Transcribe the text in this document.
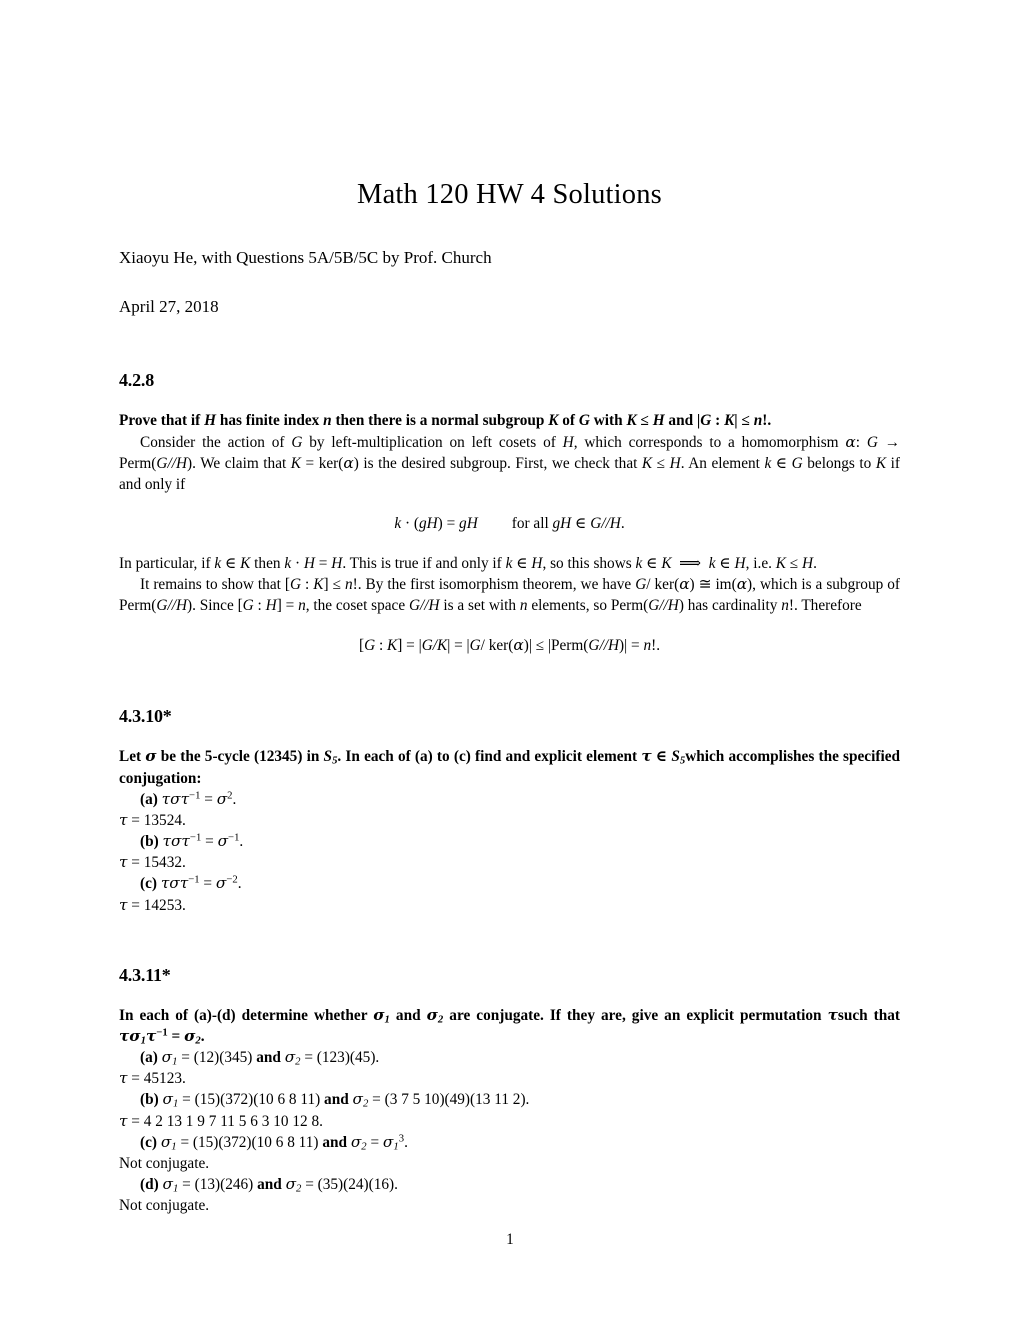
Math 120 HW 4 Solutions

Xiaoyu He, with Questions 5A/5B/5C by Prof. Church

April 27, 2018

4.2.8

Prove that if H has finite index n then there is a normal subgroup K of G with K ≤ H and |G : K| ≤ n!.

Consider the action of G by left-multiplication on left cosets of H, which corresponds to a homomorphism α: G → Perm(G//H). We claim that K = ker(α) is the desired subgroup. First, we check that K ≤ H. An element k ∈ G belongs to K if and only if

k · (gH) = gH for all gH ∈ G//H.

In particular, if k ∈ K then k · H = H. This is true if and only if k ∈ H, so this shows k ∈ K  ⟹  k ∈ H, i.e. K ≤ H.

It remains to show that [G : K] ≤ n!. By the first isomorphism theorem, we have G/ ker(α) ≅ im(α), which is a subgroup of Perm(G//H). Since [G : H] = n, the coset space G//H is a set with n elements, so Perm(G//H) has cardinality n!. Therefore

[G : K] = |G/K| = |G/ ker(α)| ≤ |Perm(G//H)| = n!.

4.3.10*

Let σ be the 5-cycle (12345) in $S_5$. In each of (a) to (c) find and explicit element τ ∈ $S_5which$ accomplishes the specified conjugation:

(a) $\tau\sigma\tau^{-1} = \sigma^2$.

τ = 13524.

(b) $\tau\sigma\tau^{-1} = \sigma^{-1}$.

τ = 15432.

(c) $\tau\sigma\tau^{-1} = \sigma^{-2}$.

τ = 14253.

4.3.11*

In each of (a)-(d) determine whether $\sigma_1$ and $\sigma_2$ are conjugate. If they are, give an explicit permutation τsuch that $\tau\sigma_1\tau^{-1} = \sigma_2$.

(a) $\sigma_1 = (12)(345)$ and $\sigma_2 = (123)(45)$.

τ = 45123.

(b) $\sigma_1 = (15)(372)(10$ 6 8 11) and $\sigma_2 = (3$ 7 5 10)(49)(13 11 2).

τ = 4 2 13 1 9 7 11 5 6 3 10 12 8.

(c) $\sigma_1 = (15)(372)(10$ 6 8 11) and $\sigma_2 = \sigma_1^3$.

Not conjugate.

(d) $\sigma_1 = (13)(246)$ and $\sigma_2 = (35)(24)(16)$.

Not conjugate.

1
